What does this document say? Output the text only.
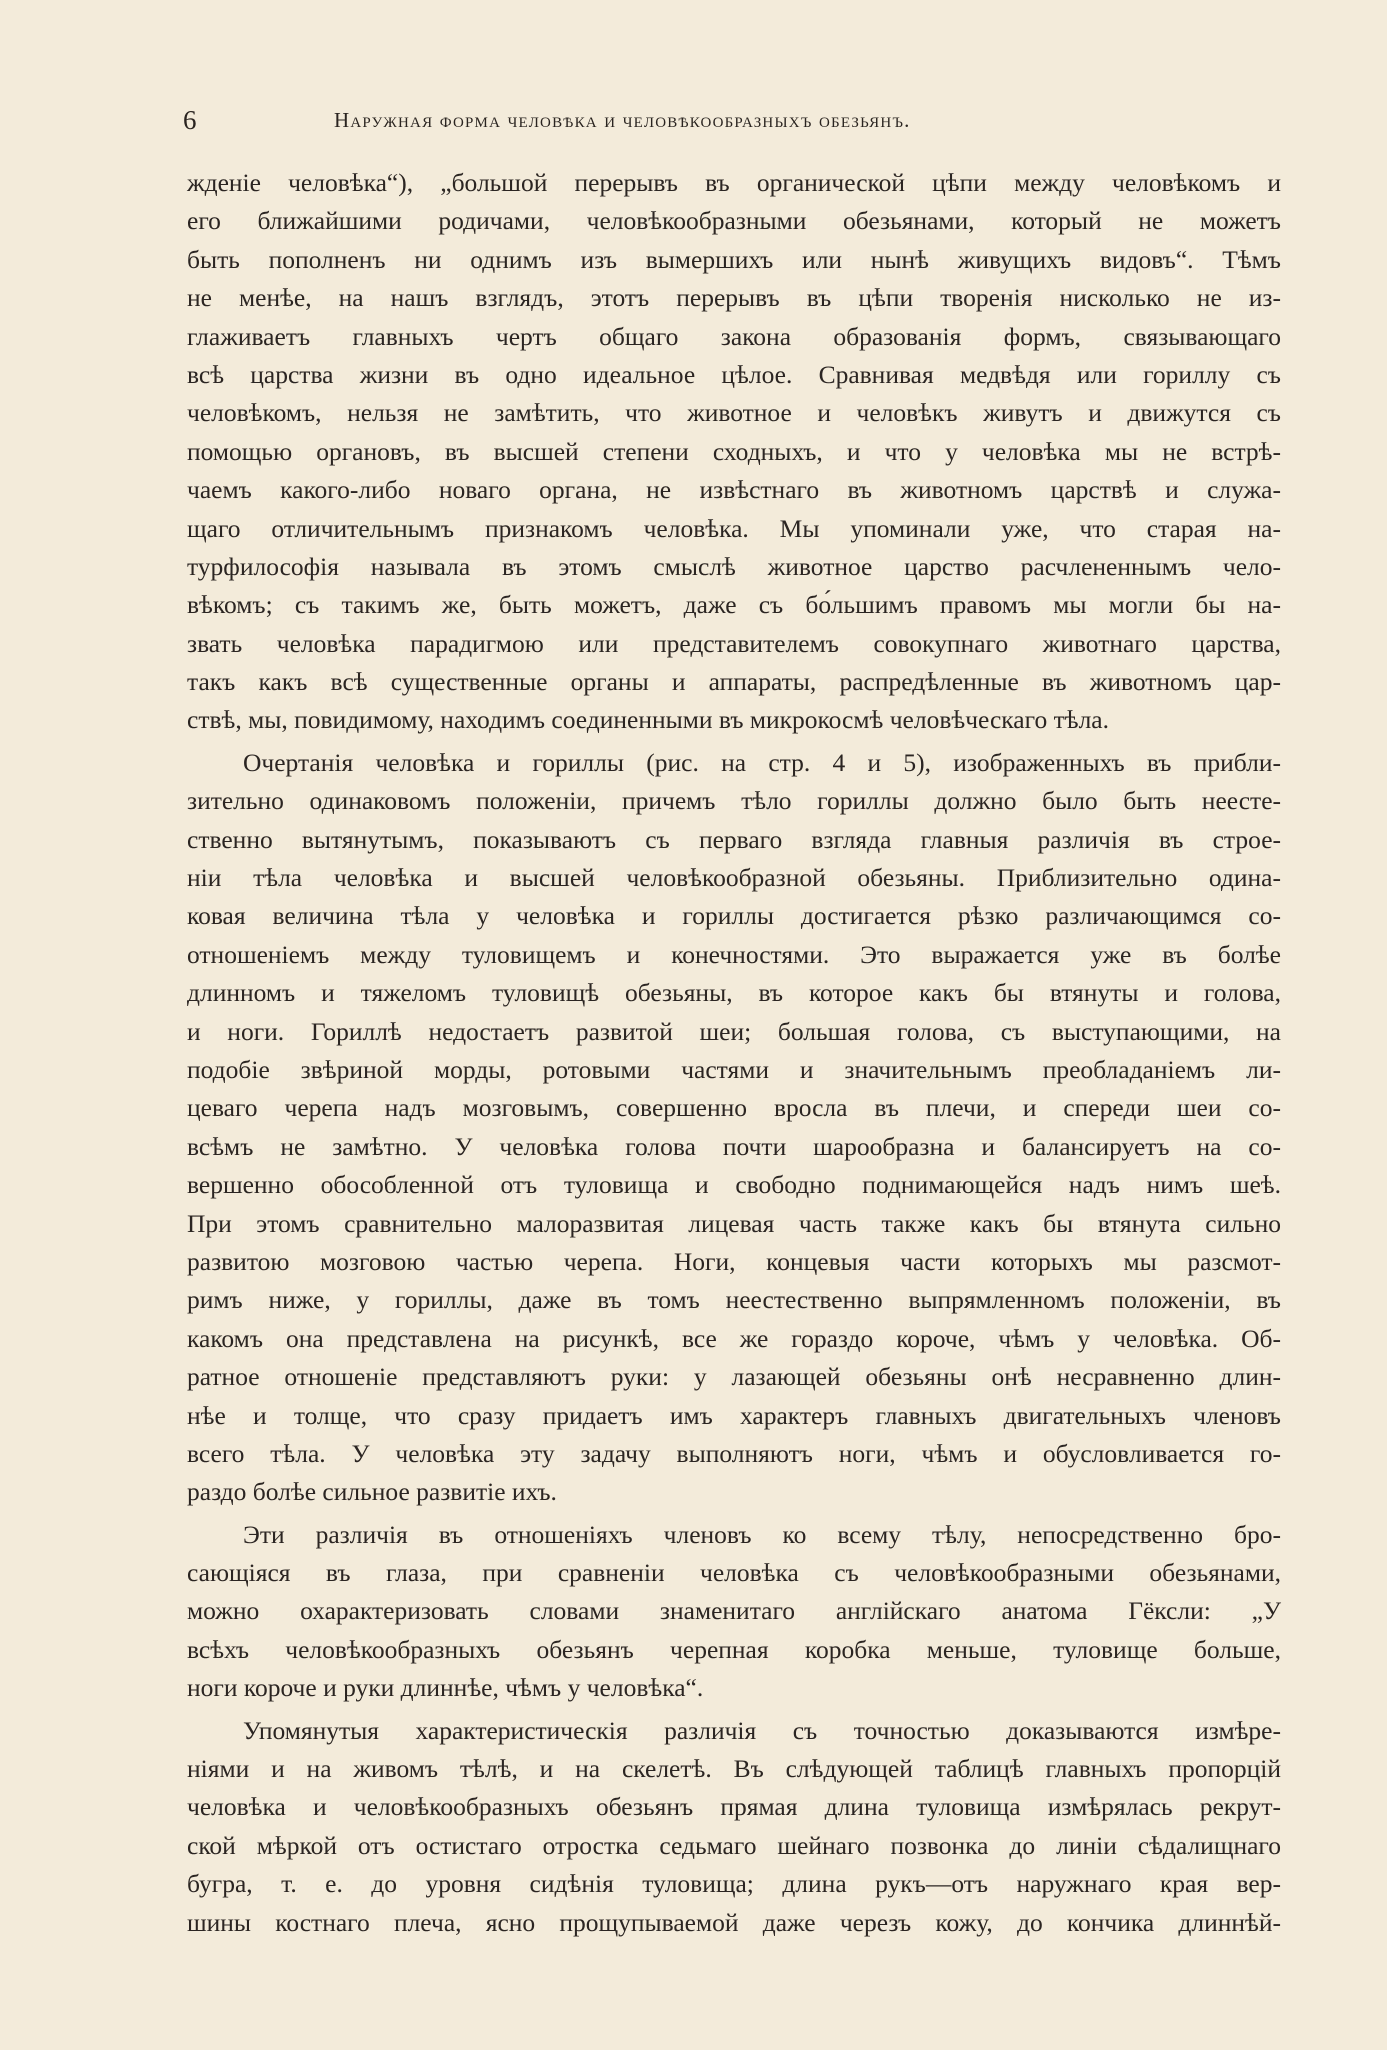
6	Наружная форма человѣка и человѣкообразныхъ обезьянъ.
жденіе человѣка“), „большой перерывъ въ органической цѣпи между человѣкомъ и
его ближайшими родичами, человѣкообразными обезьянами, который не можетъ
быть пополненъ ни однимъ изъ вымершихъ или нынѣ живущихъ видовъ“. Тѣмъ
не менѣе, на нашъ взглядъ, этотъ перерывъ въ цѣпи творенія нисколько не из-
глаживаетъ главныхъ чертъ общаго закона образованія формъ, связывающаго
всѣ царства жизни въ одно идеальное цѣлое. Сравнивая медвѣдя или гориллу съ
человѣкомъ, нельзя не замѣтить, что животное и человѣкъ живутъ и движутся съ
помощью органовъ, въ высшей степени сходныхъ, и что у человѣка мы не встрѣ-
чаемъ какого-либо новаго органа, не извѣстнаго въ животномъ царствѣ и служа-
щаго отличительнымъ признакомъ человѣка. Мы упоминали уже, что старая на-
турфилософія называла въ этомъ смыслѣ животное царство расчлененнымъ чело-
вѣкомъ; съ такимъ же, быть можетъ, даже съ бо́льшимъ правомъ мы могли бы на-
звать человѣка парадигмою или представителемъ совокупнаго животнаго царства,
такъ какъ всѣ существенные органы и аппараты, распредѣленные въ животномъ цар-
ствѣ, мы, повидимому, находимъ соединенными въ микрокосмѣ человѣческаго тѣла.
Очертанія человѣка и гориллы (рис. на стр. 4 и 5), изображенныхъ въ прибли-
зительно одинаковомъ положеніи, причемъ тѣло гориллы должно было быть неесте-
ственно вытянутымъ, показываютъ съ перваго взгляда главныя различія въ строе-
ніи тѣла человѣка и высшей человѣкообразной обезьяны. Приблизительно одина-
ковая величина тѣла у человѣка и гориллы достигается рѣзко различающимся со-
отношеніемъ между туловищемъ и конечностями. Это выражается уже въ болѣе
длинномъ и тяжеломъ туловищѣ обезьяны, въ которое какъ бы втянуты и голова,
и ноги. Гориллѣ недостаетъ развитой шеи; большая голова, съ выступающими, на
подобіе звѣриной морды, ротовыми частями и значительнымъ преобладаніемъ ли-
цеваго черепа надъ мозговымъ, совершенно вросла въ плечи, и спереди шеи со-
всѣмъ не замѣтно. У человѣка голова почти шарообразна и балансируетъ на со-
вершенно обособленной отъ туловища и свободно поднимающейся надъ нимъ шеѣ.
При этомъ сравнительно малоразвитая лицевая часть также какъ бы втянута сильно
развитою мозговою частью черепа. Ноги, концевыя части которыхъ мы разсмот-
римъ ниже, у гориллы, даже въ томъ неестественно выпрямленномъ положеніи, въ
какомъ она представлена на рисункѣ, все же гораздо короче, чѣмъ у человѣка. Об-
ратное отношеніе представляютъ руки: у лазающей обезьяны онѣ несравненно длин-
нѣе и толще, что сразу придаетъ имъ характеръ главныхъ двигательныхъ членовъ
всего тѣла. У человѣка эту задачу выполняютъ ноги, чѣмъ и обусловливается го-
раздо болѣе сильное развитіе ихъ.
Эти различія въ отношеніяхъ членовъ ко всему тѣлу, непосредственно бро-
сающіяся въ глаза, при сравненіи человѣка съ человѣкообразными обезьянами,
можно охарактеризовать словами знаменитаго англійскаго анатома Гёксли: „У
всѣхъ человѣкообразныхъ обезьянъ черепная коробка меньше, туловище больше,
ноги короче и руки длиннѣе, чѣмъ у человѣка“.
Упомянутыя характеристическія различія съ точностью доказываются измѣре-
ніями и на живомъ тѣлѣ, и на скелетѣ. Въ слѣдующей таблицѣ главныхъ пропорцій
человѣка и человѣкообразныхъ обезьянъ прямая длина туловища измѣрялась рекрут-
ской мѣркой отъ остистаго отростка седьмаго шейнаго позвонка до линіи сѣдалищнаго
бугра, т. е. до уровня сидѣнія туловища; длина рукъ—отъ наружнаго края вер-
шины костнаго плеча, ясно прощупываемой даже черезъ кожу, до кончика длиннѣй-
